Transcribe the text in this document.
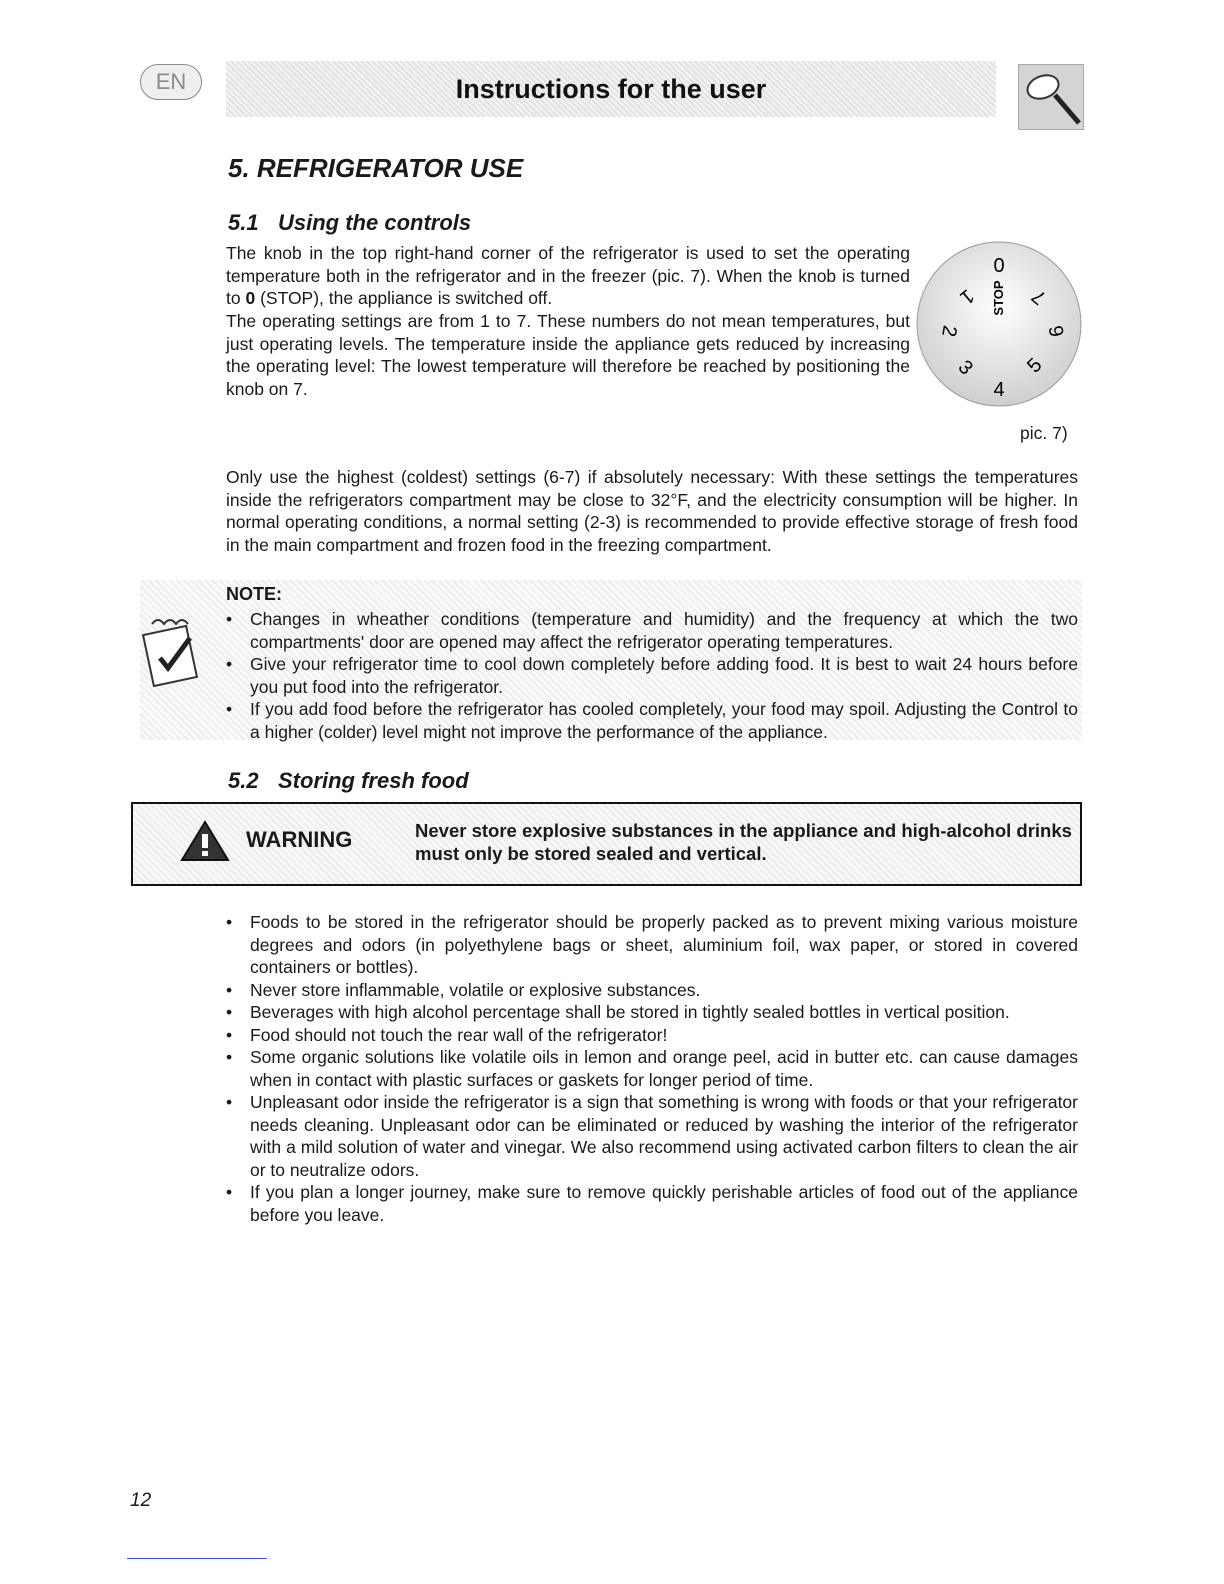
EN	Instructions for the user
5. REFRIGERATOR USE
5.1 Using the controls
The knob in the top right-hand corner of the refrigerator is used to set the operating temperature both in the refrigerator and in the freezer (pic. 7). When the knob is turned to 0 (STOP), the appliance is switched off.
The operating settings are from 1 to 7. These numbers do not mean temperatures, but just operating levels. The temperature inside the appliance gets reduced by increasing the operating level: The lowest temperature will therefore be reached by positioning the knob on 7.
0
STOP
1
2
3
4
5
6
7
pic. 7)
Only use the highest (coldest) settings (6-7) if absolutely necessary: With these settings the temperatures inside the refrigerators compartment may be close to 32°F, and the electricity consumption will be higher. In normal operating conditions, a normal setting (2-3) is recommended to provide effective storage of fresh food in the main compartment and frozen food in the freezing compartment.
NOTE:
• Changes in wheather conditions (temperature and humidity) and the frequency at which the two compartments' door are opened may affect the refrigerator operating temperatures.
• Give your refrigerator time to cool down completely before adding food. It is best to wait 24 hours before you put food into the refrigerator.
• If you add food before the refrigerator has cooled completely, your food may spoil. Adjusting the Control to a higher (colder) level might not improve the performance of the appliance.
5.2 Storing fresh food
WARNING	Never store explosive substances in the appliance and high-alcohol drinks must only be stored sealed and vertical.
• Foods to be stored in the refrigerator should be properly packed as to prevent mixing various moisture degrees and odors (in polyethylene bags or sheet, aluminium foil, wax paper, or stored in covered containers or bottles).
• Never store inflammable, volatile or explosive substances.
• Beverages with high alcohol percentage shall be stored in tightly sealed bottles in vertical position.
• Food should not touch the rear wall of the refrigerator!
• Some organic solutions like volatile oils in lemon and orange peel, acid in butter etc. can cause damages when in contact with plastic surfaces or gaskets for longer period of time.
• Unpleasant odor inside the refrigerator is a sign that something is wrong with foods or that your refrigerator needs cleaning. Unpleasant odor can be eliminated or reduced by washing the interior of the refrigerator with a mild solution of water and vinegar. We also recommend using activated carbon filters to clean the air or to neutralize odors.
• If you plan a longer journey, make sure to remove quickly perishable articles of food out of the appliance before you leave.
12
